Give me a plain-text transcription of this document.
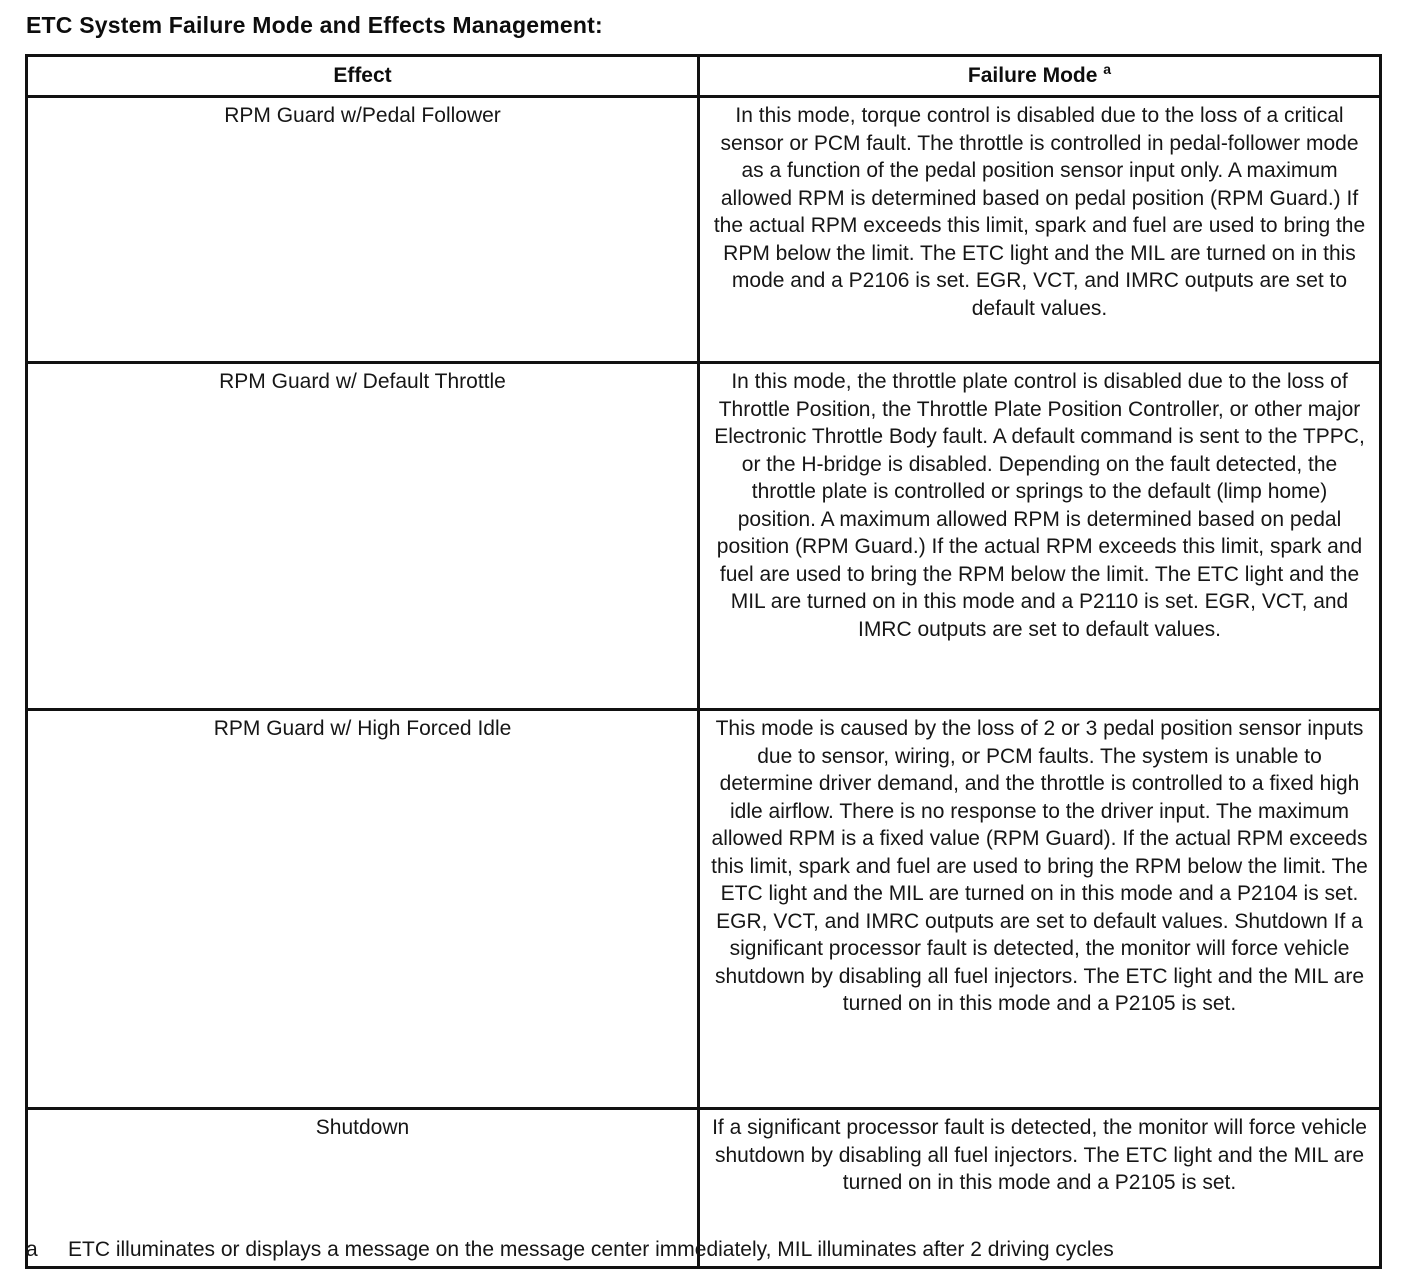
ETC System Failure Mode and Effects Management:
Effect	Failure Mode $^a$
RPM Guard w/Pedal Follower	In this mode, torque control is disabled due to the loss of a critical sensor or PCM fault. The throttle is controlled in pedal-follower mode as a function of the pedal position sensor input only. A maximum allowed RPM is determined based on pedal position (RPM Guard.) If the actual RPM exceeds this limit, spark and fuel are used to bring the RPM below the limit. The ETC light and the MIL are turned on in this mode and a P2106 is set. EGR, VCT, and IMRC outputs are set to default values.
RPM Guard w/ Default Throttle	In this mode, the throttle plate control is disabled due to the loss of Throttle Position, the Throttle Plate Position Controller, or other major Electronic Throttle Body fault. A default command is sent to the TPPC, or the H-bridge is disabled. Depending on the fault detected, the throttle plate is controlled or springs to the default (limp home) position. A maximum allowed RPM is determined based on pedal position (RPM Guard.) If the actual RPM exceeds this limit, spark and fuel are used to bring the RPM below the limit. The ETC light and the MIL are turned on in this mode and a P2110 is set. EGR, VCT, and IMRC outputs are set to default values.
RPM Guard w/ High Forced Idle	This mode is caused by the loss of 2 or 3 pedal position sensor inputs due to sensor, wiring, or PCM faults. The system is unable to determine driver demand, and the throttle is controlled to a fixed high idle airflow. There is no response to the driver input. The maximum allowed RPM is a fixed value (RPM Guard). If the actual RPM exceeds this limit, spark and fuel are used to bring the RPM below the limit. The ETC light and the MIL are turned on in this mode and a P2104 is set. EGR, VCT, and IMRC outputs are set to default values. Shutdown If a significant processor fault is detected, the monitor will force vehicle shutdown by disabling all fuel injectors. The ETC light and the MIL are turned on in this mode and a P2105 is set.
Shutdown	If a significant processor fault is detected, the monitor will force vehicle shutdown by disabling all fuel injectors. The ETC light and the MIL are turned on in this mode and a P2105 is set.
a ETC illuminates or displays a message on the message center immediately, MIL illuminates after 2 driving cycles
